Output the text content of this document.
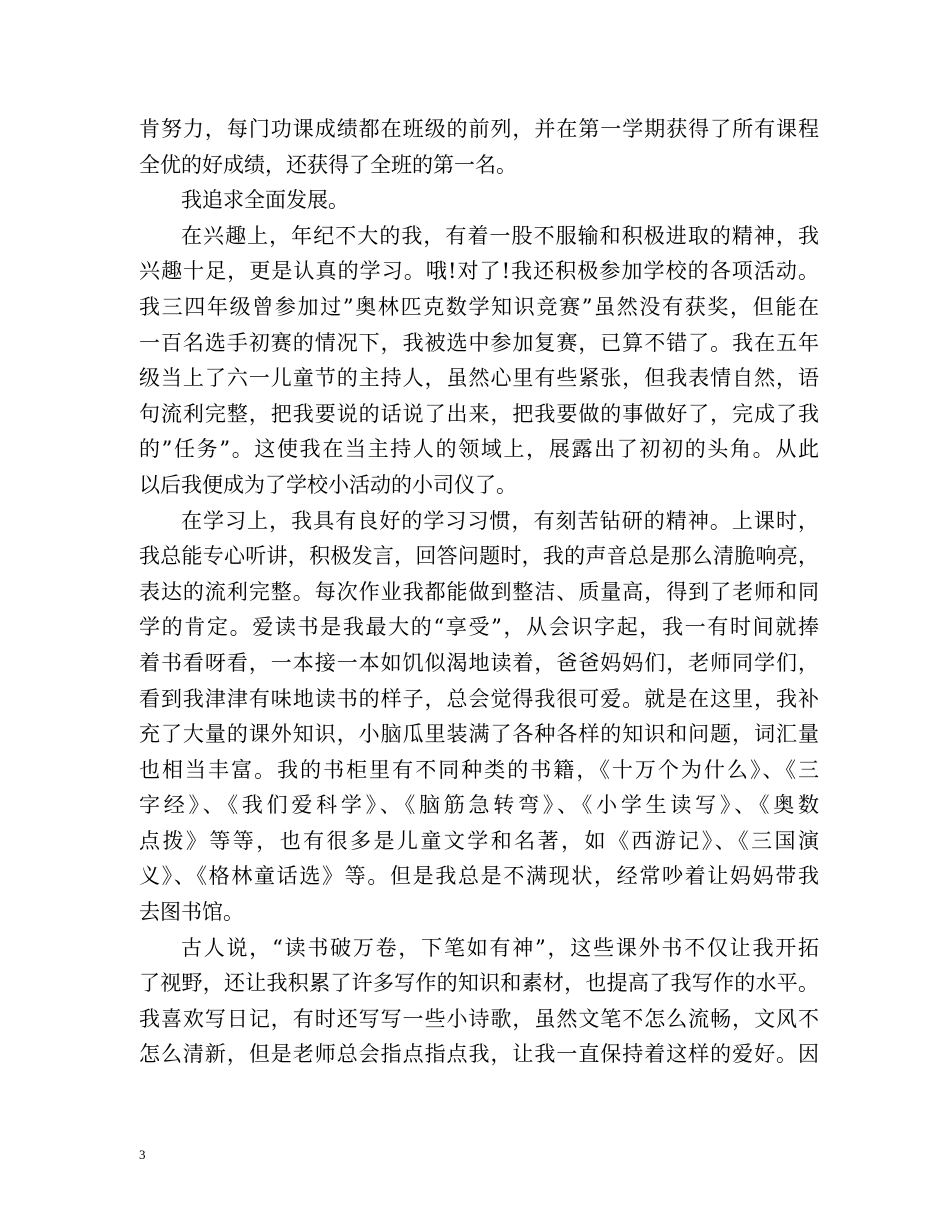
肯努力，每门功课成绩都在班级的前列，并在第一学期获得了所有课程
全优的好成绩，还获得了全班的第一名。
我追求全面发展。
在兴趣上，年纪不大的我，有着一股不服输和积极进取的精神，我
兴趣十足，更是认真的学习。哦!对了!我还积极参加学校的各项活动。
我三四年级曾参加过”奥林匹克数学知识竞赛”虽然没有获奖，但能在
一百名选手初赛的情况下，我被选中参加复赛，已算不错了。我在五年
级当上了六一儿童节的主持人，虽然心里有些紧张，但我表情自然，语
句流利完整，把我要说的话说了出来，把我要做的事做好了，完成了我
的”任务”。这使我在当主持人的领域上，展露出了初初的头角。从此
以后我便成为了学校小活动的小司仪了。
在学习上，我具有良好的学习习惯，有刻苦钻研的精神。上课时，
我总能专心听讲，积极发言，回答问题时，我的声音总是那么清脆响亮，
表达的流利完整。每次作业我都能做到整洁、质量高，得到了老师和同
学的肯定。爱读书是我最大的“享受”，从会识字起，我一有时间就捧
着书看呀看，一本接一本如饥似渴地读着，爸爸妈妈们，老师同学们，
看到我津津有味地读书的样子，总会觉得我很可爱。就是在这里，我补
充了大量的课外知识，小脑瓜里装满了各种各样的知识和问题，词汇量
也相当丰富。我的书柜里有不同种类的书籍，《十万个为什么》、《三
字经》、《我们爱科学》、《脑筋急转弯》、《小学生读写》、《奥数
点拨》等等，也有很多是儿童文学和名著，如《西游记》、《三国演
义》、《格林童话选》等。但是我总是不满现状，经常吵着让妈妈带我
去图书馆。
古人说，“读书破万卷，下笔如有神”，这些课外书不仅让我开拓
了视野，还让我积累了许多写作的知识和素材，也提高了我写作的水平。
我喜欢写日记，有时还写写一些小诗歌，虽然文笔不怎么流畅，文风不
怎么清新，但是老师总会指点指点我，让我一直保持着这样的爱好。因
3
